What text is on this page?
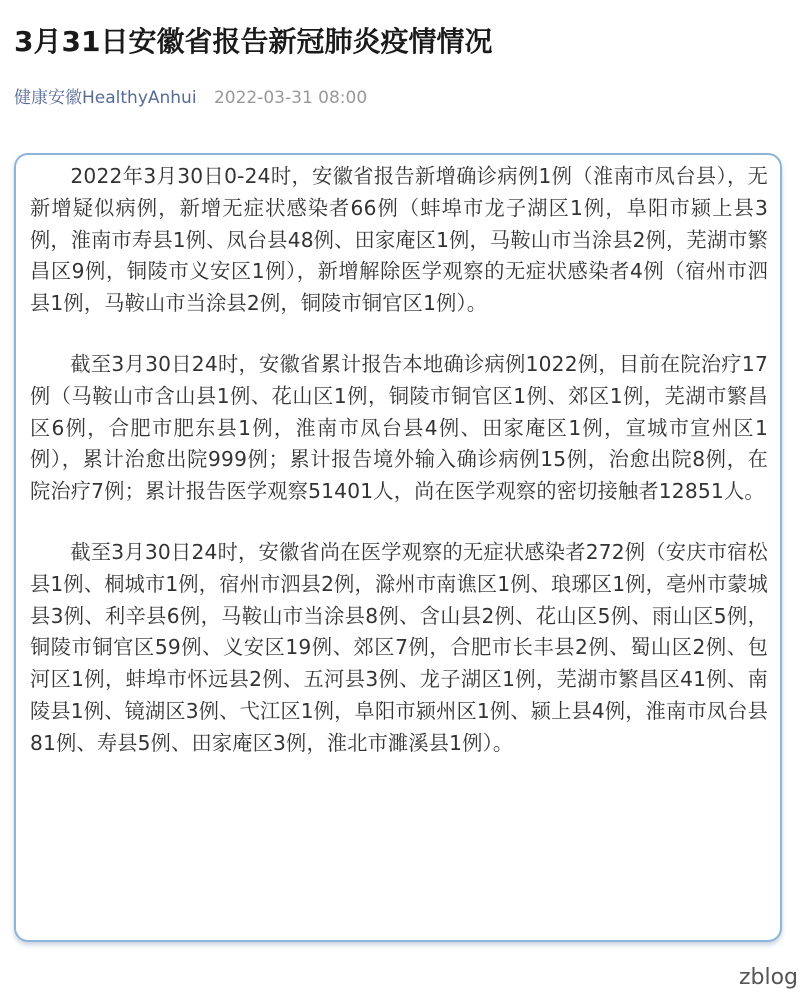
3月31日安徽省报告新冠肺炎疫情情况
健康安徽HealthyAnhui 2022-03-31 08:00

2022年3月30日0-24时，安徽省报告新增确诊病例1例（淮南市凤台县），无新增疑似病例，新增无症状感染者66例（蚌埠市龙子湖区1例，阜阳市颍上县3例，淮南市寿县1例、凤台县48例、田家庵区1例，马鞍山市当涂县2例，芜湖市繁昌区9例，铜陵市义安区1例），新增解除医学观察的无症状感染者4例（宿州市泗县1例，马鞍山市当涂县2例，铜陵市铜官区1例）。

截至3月30日24时，安徽省累计报告本地确诊病例1022例，目前在院治疗17例（马鞍山市含山县1例、花山区1例，铜陵市铜官区1例、郊区1例，芜湖市繁昌区6例，合肥市肥东县1例，淮南市凤台县4例、田家庵区1例，宣城市宣州区1例），累计治愈出院999例；累计报告境外输入确诊病例15例，治愈出院8例，在院治疗7例；累计报告医学观察51401人，尚在医学观察的密切接触者12851人。

截至3月30日24时，安徽省尚在医学观察的无症状感染者272例（安庆市宿松县1例、桐城市1例，宿州市泗县2例，滁州市南谯区1例、琅琊区1例，亳州市蒙城县3例、利辛县6例，马鞍山市当涂县8例、含山县2例、花山区5例、雨山区5例，铜陵市铜官区59例、义安区19例、郊区7例，合肥市长丰县2例、蜀山区2例、包河区1例，蚌埠市怀远县2例、五河县3例、龙子湖区1例，芜湖市繁昌区41例、南陵县1例、镜湖区3例、弋江区1例，阜阳市颍州区1例、颍上县4例，淮南市凤台县81例、寿县5例、田家庵区3例，淮北市濉溪县1例）。

zblog
